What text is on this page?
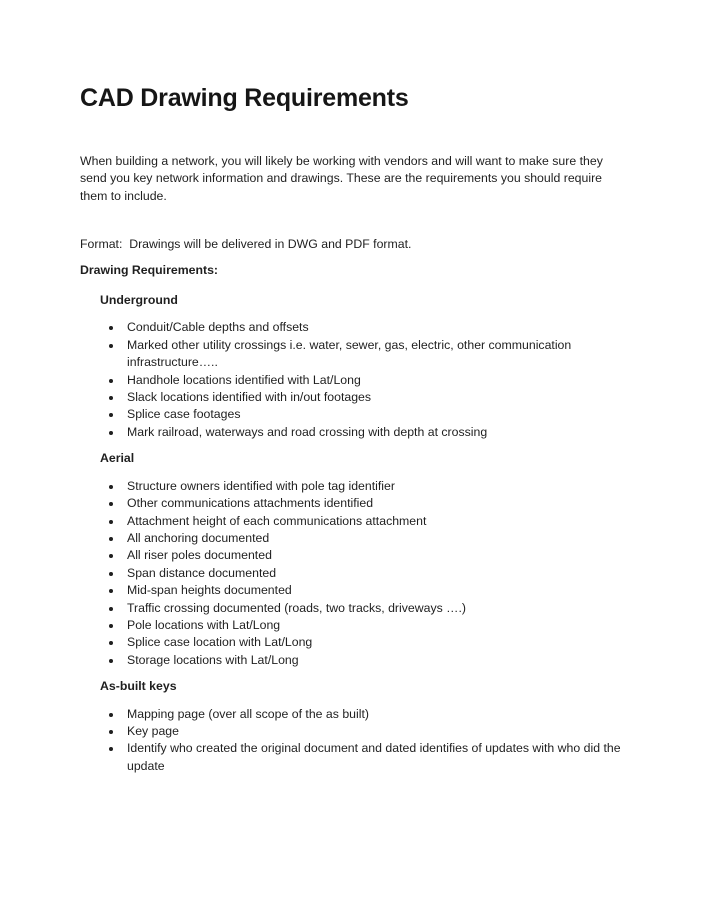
CAD Drawing Requirements

When building a network, you will likely be working with vendors and will want to make sure they send you key network information and drawings. These are the requirements you should require them to include.

Format:  Drawings will be delivered in DWG and PDF format.

Drawing Requirements:

Underground
• Conduit/Cable depths and offsets
• Marked other utility crossings i.e. water, sewer, gas, electric, other communication infrastructure…..
• Handhole locations identified with Lat/Long
• Slack locations identified with in/out footages
• Splice case footages
• Mark railroad, waterways and road crossing with depth at crossing
Aerial
• Structure owners identified with pole tag identifier
• Other communications attachments identified
• Attachment height of each communications attachment
• All anchoring documented
• All riser poles documented
• Span distance documented
• Mid-span heights documented
• Traffic crossing documented (roads, two tracks, driveways ….)
• Pole locations with Lat/Long
• Splice case location with Lat/Long
• Storage locations with Lat/Long
As-built keys
• Mapping page (over all scope of the as built)
• Key page
• Identify who created the original document and dated identifies of updates with who did the update
